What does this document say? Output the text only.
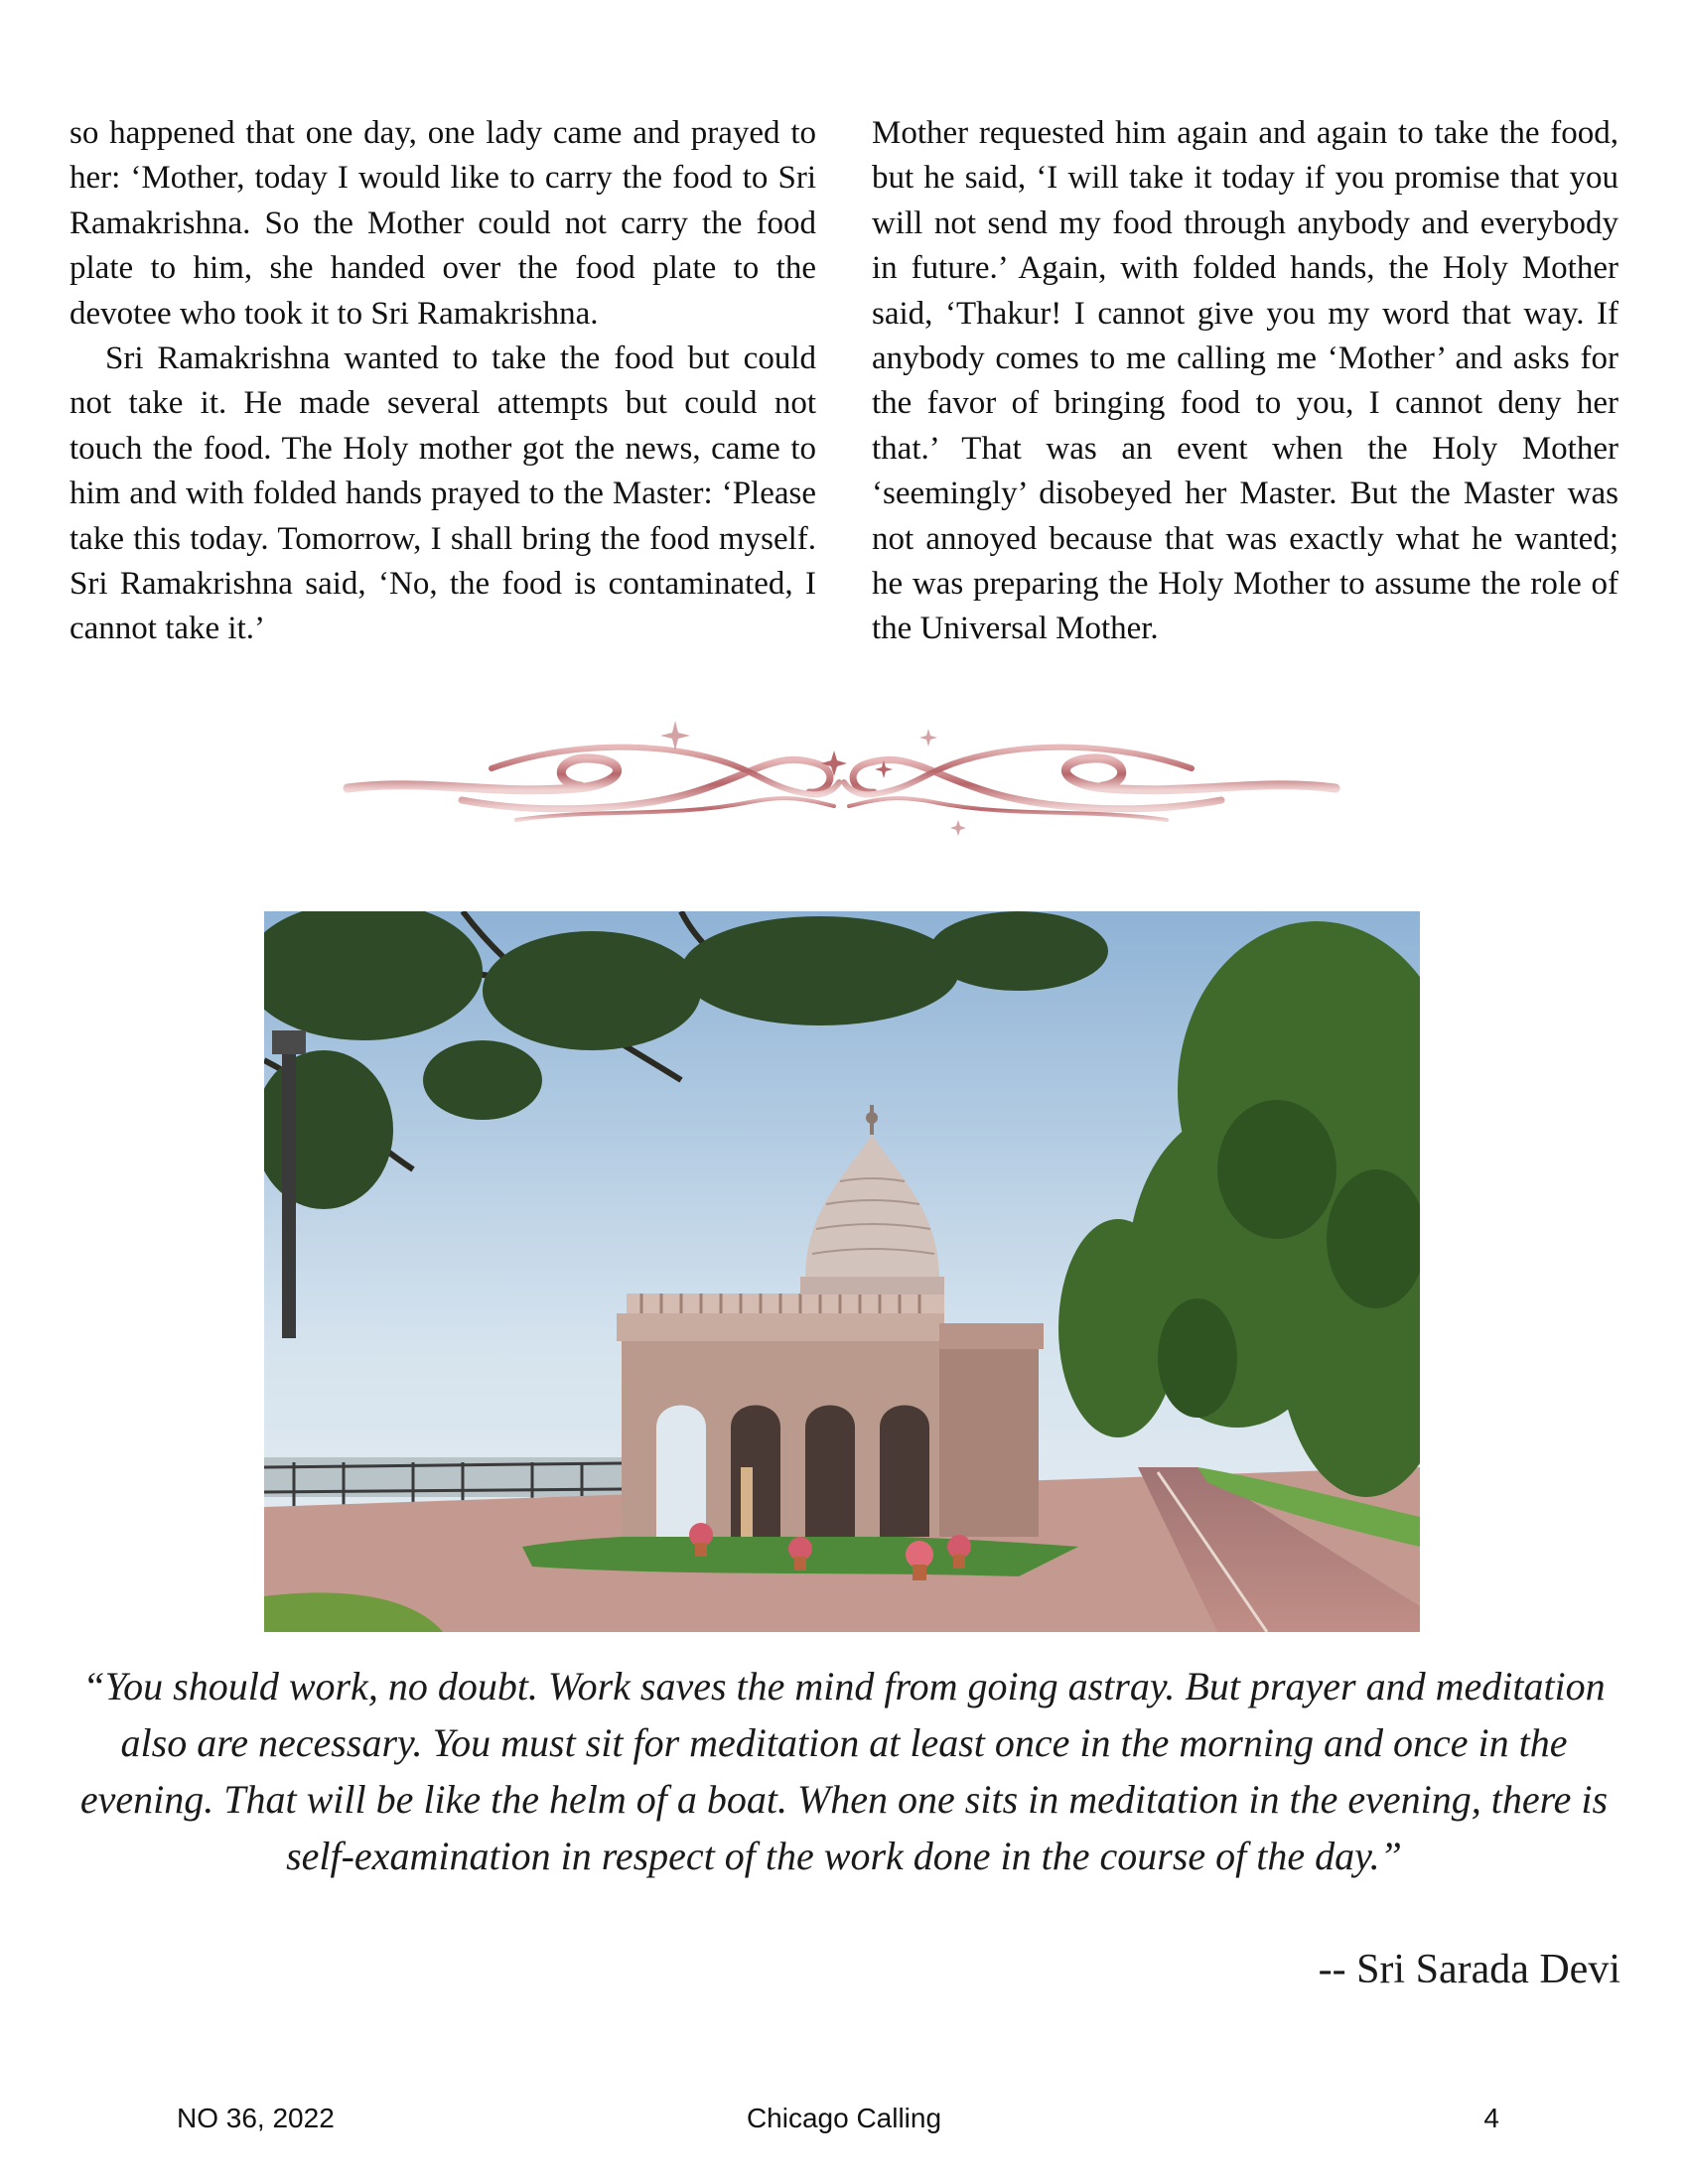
so happened that one day, one lady came and prayed to her: ‘Mother, today I would like to carry the food to Sri Ramakrishna. So the Mother could not carry the food plate to him, she handed over the food plate to the devotee who took it to Sri Ramakrishna.

Sri Ramakrishna wanted to take the food but could not take it. He made several attempts but could not touch the food. The Holy mother got the news, came to him and with folded hands prayed to the Master: ‘Please take this today. Tomorrow, I shall bring the food myself. Sri Ramakrishna said, ‘No, the food is contaminated, I cannot take it.’

Mother requested him again and again to take the food, but he said, ‘I will take it today if you promise that you will not send my food through anybody and everybody in future.’ Again, with folded hands, the Holy Mother said, ‘Thakur! I cannot give you my word that way. If anybody comes to me calling me ‘Mother’ and asks for the favor of bringing food to you, I cannot deny her that.’ That was an event when the Holy Mother ‘seemingly’ disobeyed her Master. But the Master was not annoyed because that was exactly what he wanted; he was preparing the Holy Mother to assume the role of the Universal Mother.

“You should work, no doubt. Work saves the mind from going astray. But prayer and meditation also are necessary. You must sit for meditation at least once in the morning and once in the evening. That will be like the helm of a boat. When one sits in meditation in the evening, there is self-examination in respect of the work done in the course of the day.”
-- Sri Sarada Devi
NO 36, 2022	Chicago Calling	4
